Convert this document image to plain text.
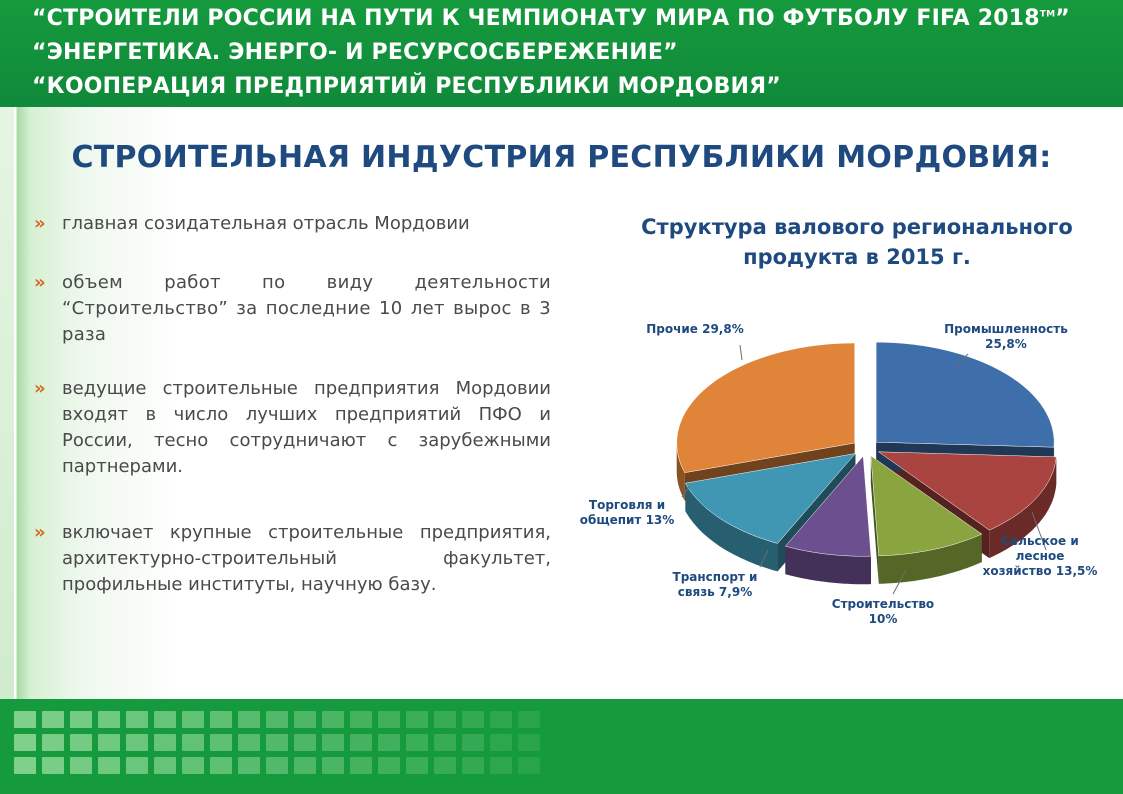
“СТРОИТЕЛИ РОССИИ НА ПУТИ К ЧЕМПИОНАТУ МИРА ПО ФУТБОЛУ FIFA 2018™”
“ЭНЕРГЕТИКА. ЭНЕРГО- И РЕСУРСОСБЕРЕЖЕНИЕ”
“КООПЕРАЦИЯ ПРЕДПРИЯТИЙ РЕСПУБЛИКИ МОРДОВИЯ”
СТРОИТЕЛЬНАЯ ИНДУСТРИЯ РЕСПУБЛИКИ МОРДОВИЯ:
» главная созидательная отрасль Мордовии
» объем работ по виду деятельности “Строительство” за последние 10 лет вырос в 3 раза
» ведущие строительные предприятия Мордовии входят в число лучших предприятий ПФО и России, тесно сотрудничают с зарубежными партнерами.
» включает крупные строительные предприятия, архитектурно-строительный факультет, профильные институты, научную базу.
Структура валового регионального
продукта в 2015 г.
Промышленность
25,8%
Сельское и
лесное
хозяйство 13,5%
Строительство
10%
Транспорт и
связь 7,9%
Торговля и
общепит 13%
Прочие 29,8%
